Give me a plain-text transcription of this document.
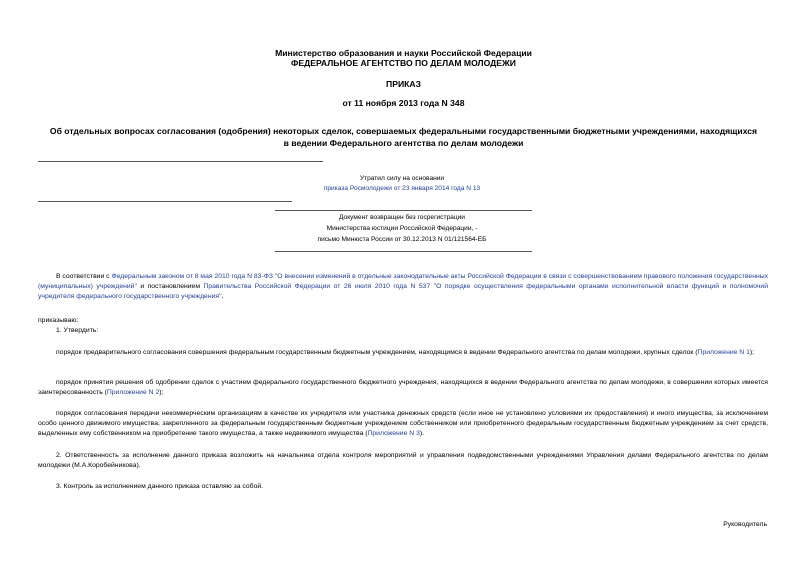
Министерство образования и науки Российской Федерации
ФЕДЕРАЛЬНОЕ АГЕНТСТВО ПО ДЕЛАМ МОЛОДЕЖИ
ПРИКАЗ
от 11 ноября 2013 года N 348
Об отдельных вопросах согласования (одобрения) некоторых сделок, совершаемых федеральными государственными бюджетными учреждениями, находящихся
в ведении Федерального агентства по делам молодежи
Утратил силу на основании
приказа Росмолодежи от 23 января 2014 года N 13
Документ возвращен без госрегистрации
Министерства юстиции Российской Федерации, -
письмо Минюста России от 30.12.2013 N 01/121564-ЕБ
В соответствии с Федеральным законом от 8 мая 2010 года N 83-ФЗ "О внесении изменений в отдельные законодательные акты Российской Федерации в связи с совершенствованием правового положения государственных (муниципальных) учреждений" и постановлением Правительства Российской Федерации от 26 июля 2010 года N 537 "О порядке осуществления федеральными органами исполнительной власти функций и полномочий учредителя федерального государственного учреждения",
приказываю:
1. Утвердить:
порядок предварительного согласования совершения федеральным государственным бюджетным учреждением, находящимся в ведении Федерального агентства по делам молодежи, крупных сделок (Приложение N 1);
порядок принятия решения об одобрении сделок с участием федерального государственного бюджетного учреждения, находящихся в ведении Федерального агентства по делам молодежи, в совершении которых имеется заинтересованность (Приложение N 2);
порядок согласования передачи некоммерческим организациям в качестве их учредителя или участника денежных средств (если иное не установлено условиями их предоставления) и иного имущества, за исключением особо ценного движимого имущества, закрепленного за федеральным государственным бюджетным учреждением собственником или приобретенного федеральным государственным бюджетным учреждением за счет средств, выделенных ему собственником на приобретение такого имущества, а также недвижимого имущества (Приложение N 3).
2. Ответственность за исполнение данного приказа возложить на начальника отдела контроля мероприятий и управления подведомственными учреждениями Управления делами Федерального агентства по делам молодежи (М.А.Коробейникова).
3. Контроль за исполнением данного приказа оставляю за собой.
Руководитель
